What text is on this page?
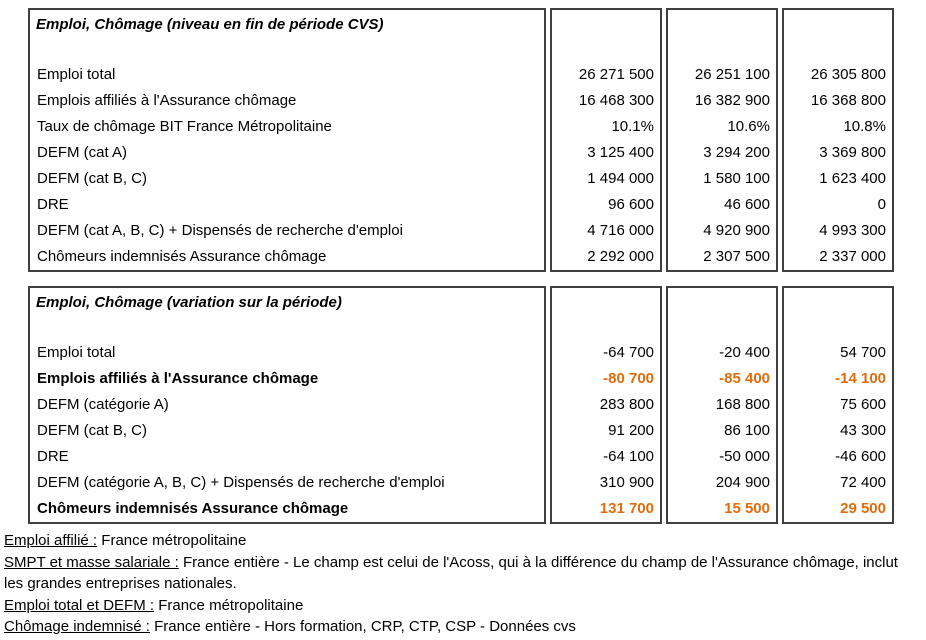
Emploi, Chômage (niveau en fin de période CVS)
Emploi total
Emplois affiliés à l'Assurance chômage
Taux de chômage BIT France Métropolitaine
DEFM (cat A)
DEFM (cat B, C)
DRE
DEFM (cat A, B, C) + Dispensés de recherche d'emploi
Chômeurs indemnisés Assurance chômage
26 271 500
16 468 300
10.1%
3 125 400
1 494 000
96 600
4 716 000
2 292 000
26 251 100
16 382 900
10.6%
3 294 200
1 580 100
46 600
4 920 900
2 307 500
26 305 800
16 368 800
10.8%
3 369 800
1 623 400
0
4 993 300
2 337 000
Emploi, Chômage (variation sur la période)
Emploi total
Emplois affiliés à l'Assurance chômage
DEFM (catégorie A)
DEFM (cat B, C)
DRE
DEFM (catégorie A, B, C) + Dispensés de recherche d'emploi
Chômeurs indemnisés Assurance chômage
-64 700
-80 700
283 800
91 200
-64 100
310 900
131 700
-20 400
-85 400
168 800
86 100
-50 000
204 900
15 500
54 700
-14 100
75 600
43 300
-46 600
72 400
29 500

Emploi affilié : France métropolitaine

SMPT et masse salariale : France entière - Le champ est celui de l'Acoss, qui à la différence du champ de l'Assurance chômage, inclut les grandes entreprises nationales.

Emploi total et DEFM : France métropolitaine

Chômage indemnisé : France entière - Hors formation, CRP, CTP, CSP - Données cvs
